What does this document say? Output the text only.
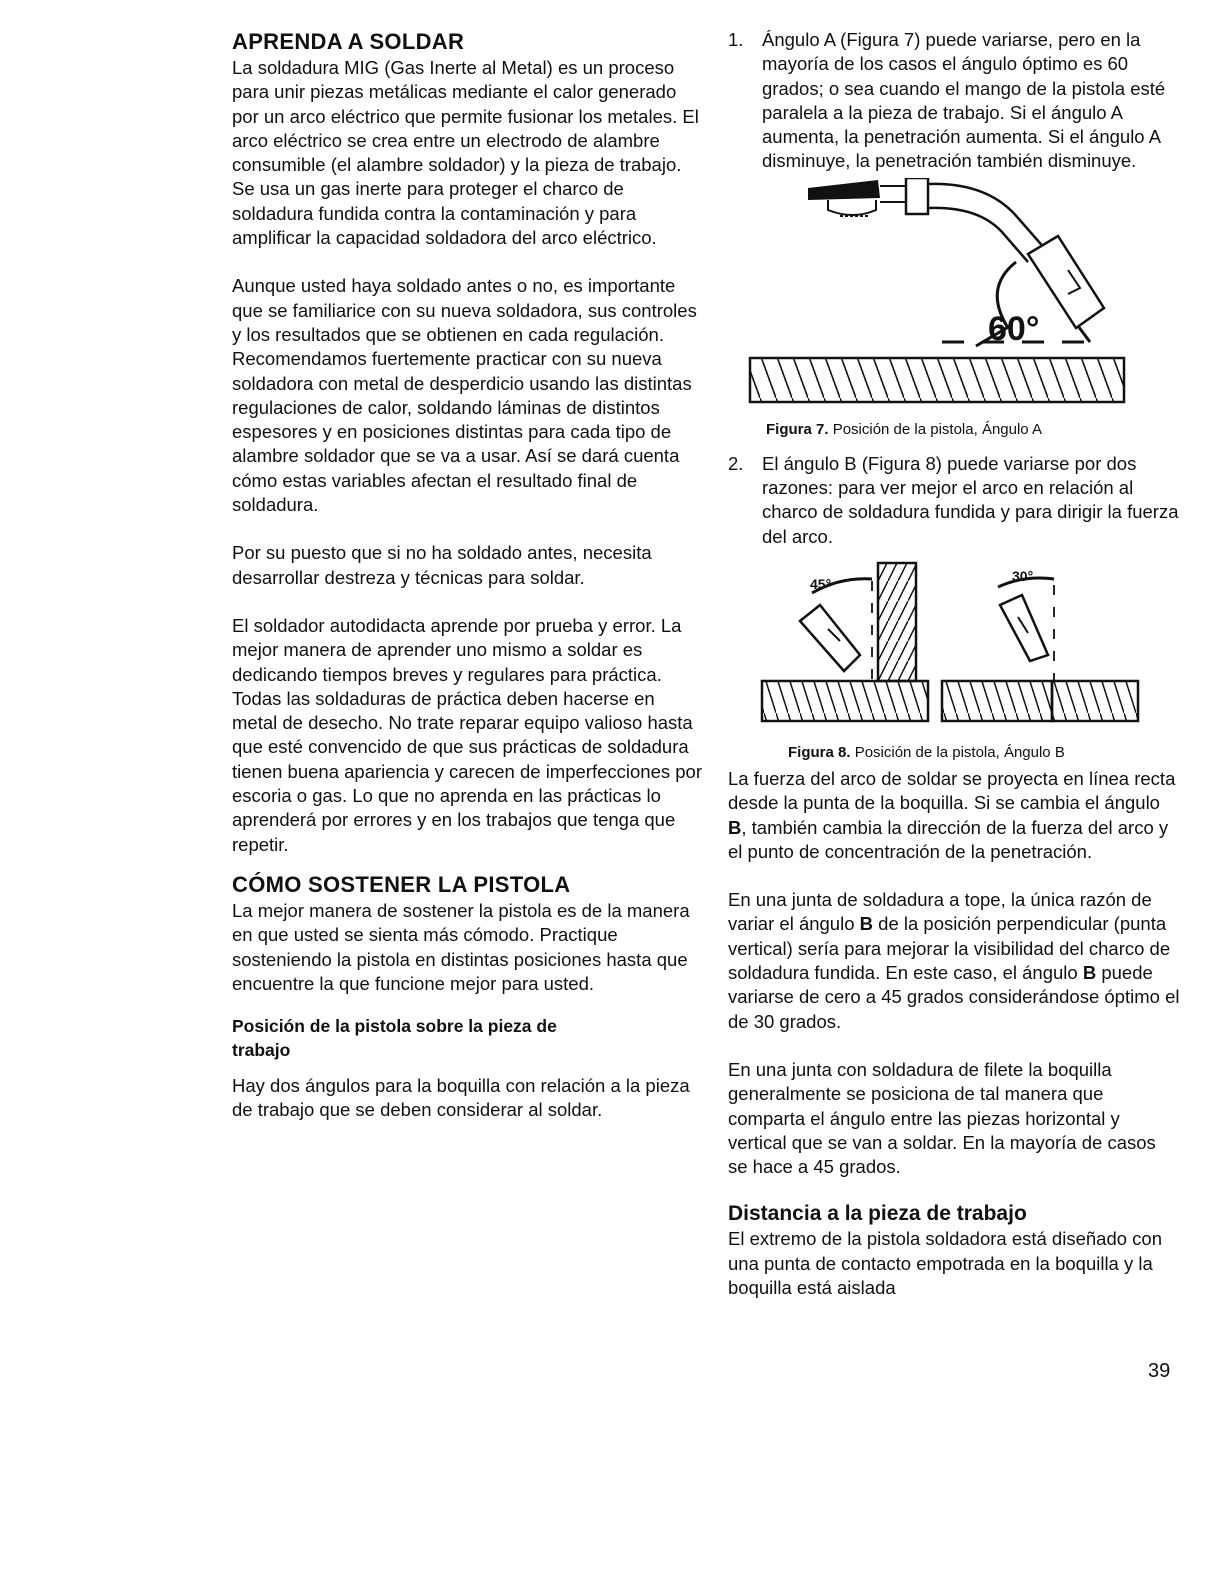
APRENDA A SOLDAR

La soldadura MIG (Gas Inerte al Metal) es un proceso para unir piezas metálicas mediante el calor generado por un arco eléctrico que permite fusionar los metales. El arco eléctrico se crea entre un electrodo de alambre consumible (el alambre soldador) y la pieza de trabajo. Se usa un gas inerte para proteger el charco de soldadura fundida contra la contaminación y para amplificar la capacidad soldadora del arco eléctrico.

Aunque usted haya soldado antes o no, es importante que se familiarice con su nueva soldadora, sus controles y los resultados que se obtienen en cada regulación. Recomendamos fuertemente practicar con su nueva soldadora con metal de desperdicio usando las distintas regulaciones de calor, soldando láminas de distintos espesores y en posiciones distintas para cada tipo de alambre soldador que se va a usar. Así se dará cuenta cómo estas variables afectan el resultado final de soldadura.

Por su puesto que si no ha soldado antes, necesita desarrollar destreza y técnicas para soldar.

El soldador autodidacta aprende por prueba y error. La mejor manera de aprender uno mismo a soldar es dedicando tiempos breves y regulares para práctica. Todas las soldaduras de práctica deben hacerse en metal de desecho. No trate reparar equipo valioso hasta que esté convencido de que sus prácticas de soldadura tienen buena apariencia y carecen de imperfecciones por escoria o gas. Lo que no aprenda en las prácticas lo aprenderá por errores y en los trabajos que tenga que repetir.

CÓMO SOSTENER LA PISTOLA

La mejor manera de sostener la pistola es de la manera en que usted se sienta más cómodo. Practique sosteniendo la pistola en distintas posiciones hasta que encuentre la que funcione mejor para usted.

Posición de la pistola sobre la pieza de trabajo

Hay dos ángulos para la boquilla con relación a la pieza de trabajo que se deben considerar al soldar.

1. Ángulo A (Figura 7) puede variarse, pero en la mayoría de los casos el ángulo óptimo es 60 grados; o sea cuando el mango de la pistola esté paralela a la pieza de trabajo. Si el ángulo A aumenta, la penetración aumenta. Si el ángulo A disminuye, la penetración también disminuye.
60°

Figura 7. Posición de la pistola, Ángulo A

2. El ángulo B (Figura 8) puede variarse por dos razones: para ver mejor el arco en relación al charco de soldadura fundida y para dirigir la fuerza del arco.
45°	30°

Figura 8. Posición de la pistola, Ángulo B

La fuerza del arco de soldar se proyecta en línea recta desde la punta de la boquilla. Si se cambia el ángulo B, también cambia la dirección de la fuerza del arco y el punto de concentración de la penetración.

En una junta de soldadura a tope, la única razón de variar el ángulo B de la posición perpendicular (punta vertical) sería para mejorar la visibilidad del charco de soldadura fundida. En este caso, el ángulo B puede variarse de cero a 45 grados considerándose óptimo el de 30 grados.

En una junta con soldadura de filete la boquilla generalmente se posiciona de tal manera que comparta el ángulo entre las piezas horizontal y vertical que se van a soldar. En la mayoría de casos se hace a 45 grados.

Distancia a la pieza de trabajo

El extremo de la pistola soldadora está diseñado con una punta de contacto empotrada en la boquilla y la boquilla está aislada

39
